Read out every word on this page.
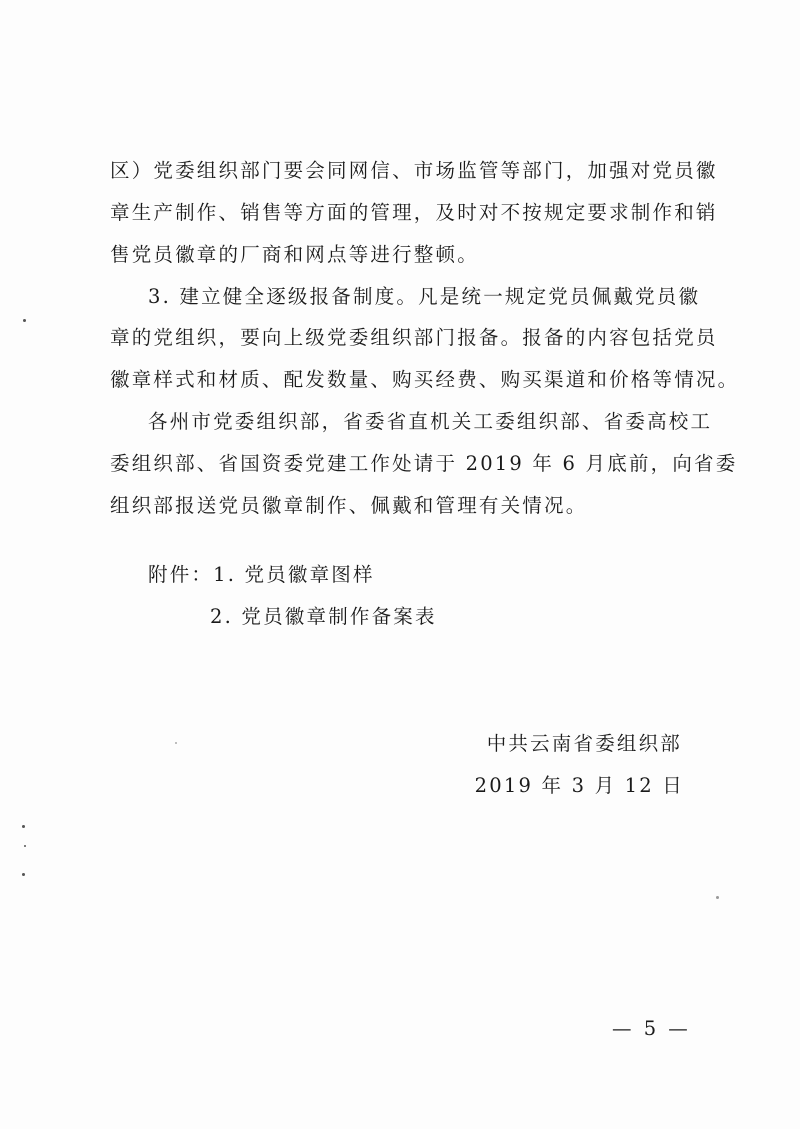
区）党委组织部门要会同网信、市场监管等部门，加强对党员徽
章生产制作、销售等方面的管理，及时对不按规定要求制作和销
售党员徽章的厂商和网点等进行整顿。
3. 建立健全逐级报备制度。凡是统一规定党员佩戴党员徽
章的党组织，要向上级党委组织部门报备。报备的内容包括党员
徽章样式和材质、配发数量、购买经费、购买渠道和价格等情况。
各州市党委组织部，省委省直机关工委组织部、省委高校工
委组织部、省国资委党建工作处请于 2019 年 6 月底前，向省委
组织部报送党员徽章制作、佩戴和管理有关情况。
附件：1. 党员徽章图样
2. 党员徽章制作备案表
中共云南省委组织部
2019 年 3 月 12 日
— 5 —
